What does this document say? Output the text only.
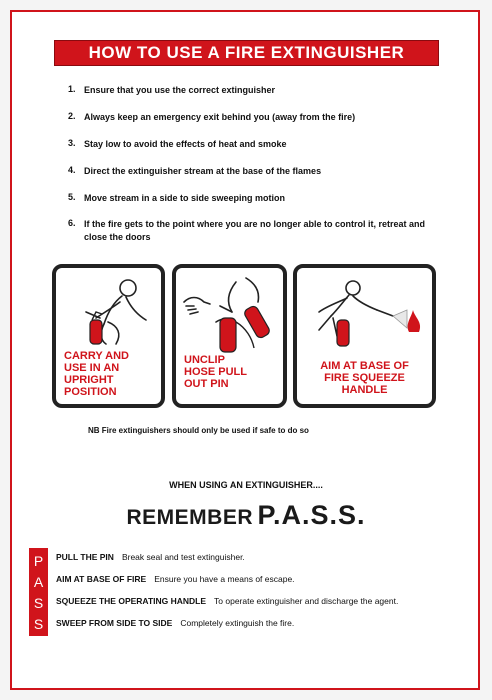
HOW TO USE A FIRE EXTINGUISHER
1. Ensure that you use the correct extinguisher
2. Always keep an emergency exit behind you (away from the fire)
3. Stay low to avoid the effects of heat and smoke
4. Direct the extinguisher stream at the base of the flames
5. Move stream in a side to side sweeping motion
6. If the fire gets to the point where you are no longer able to control it, retreat and close the doors
CARRY AND
USE IN AN
UPRIGHT
POSITION
UNCLIP
HOSE PULL
OUT PIN
AIM AT BASE OF
FIRE SQUEEZE
HANDLE
NB Fire extinguishers should only be used if safe to do so
WHEN USING AN EXTINGUISHER....
REMEMBER P.A.S.S.
P
A
S
S
PULL THE PIN Break seal and test extinguisher.
AIM AT BASE OF FIRE Ensure you have a means of escape.
SQUEEZE THE OPERATING HANDLE To operate extinguisher and discharge the agent.
SWEEP FROM SIDE TO SIDE Completely extinguish the fire.
